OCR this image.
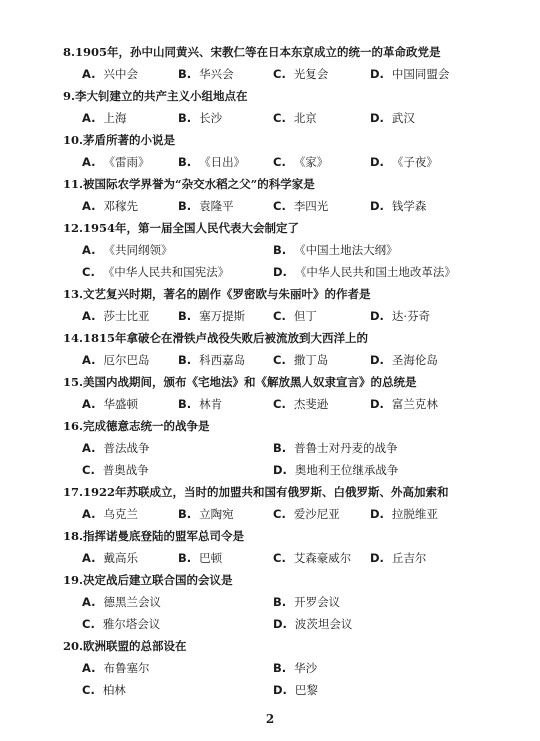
8.1905年，孙中山同黄兴、宋教仁等在日本东京成立的统一的革命政党是
A. 兴中会	B. 华兴会	C. 光复会	D. 中国同盟会
9.李大钊建立的共产主义小组地点在
A. 上海	B. 长沙	C. 北京	D. 武汉
10.茅盾所著的小说是
A. 《雷雨》 B. 《日出》 C. 《家》	D. 《子夜》
11.被国际农学界誉为“杂交水稻之父”的科学家是
A. 邓稼先	B. 袁隆平	C. 李四光	D. 钱学森
12.1954年，第一届全国人民代表大会制定了
A. 《共同纲领》	B. 《中国土地法大纲》
C. 《中华人民共和国宪法》	D. 《中华人民共和国土地改革法》
13.文艺复兴时期，著名的剧作《罗密欧与朱丽叶》的作者是
A. 莎士比亚 B. 塞万提斯 C. 但丁	D. 达·芬奇
14.1815年拿破仑在滑铁卢战役失败后被流放到大西洋上的
A. 厄尔巴岛 B. 科西嘉岛 C. 撒丁岛	D. 圣海伦岛
15.美国内战期间，颁布《宅地法》和《解放黑人奴隶宣言》的总统是
A. 华盛顿	B. 林肯	C. 杰斐逊	D. 富兰克林
16.完成德意志统一的战争是
A. 普法战争	B. 普鲁士对丹麦的战争
C. 普奥战争	D. 奥地利王位继承战争
17.1922年苏联成立，当时的加盟共和国有俄罗斯、白俄罗斯、外高加索和
A. 乌克兰	B. 立陶宛	C. 爱沙尼亚	D. 拉脱维亚
18.指挥诺曼底登陆的盟军总司令是
A. 戴高乐	B. 巴顿	C. 艾森豪威尔 D. 丘吉尔
19.决定战后建立联合国的会议是
A. 德黑兰会议	B. 开罗会议
C. 雅尔塔会议	D. 波茨坦会议
20.欧洲联盟的总部设在
A. 布鲁塞尔	B. 华沙
C. 柏林	D. 巴黎
2
